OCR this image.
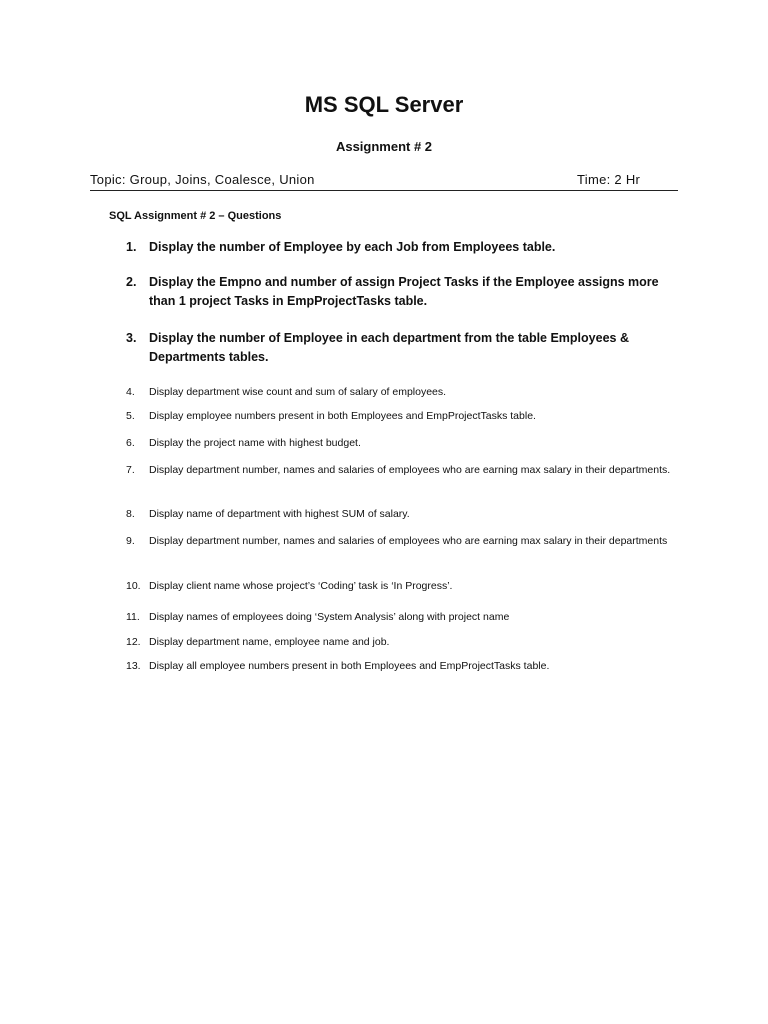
MS SQL Server
Assignment # 2
Topic: Group, Joins, Coalesce, Union	Time: 2 Hr
SQL Assignment # 2 – Questions
1.	Display the number of Employee by each Job from Employees table.
2.	Display the Empno and number of assign Project Tasks if the Employee assigns more than 1 project Tasks in EmpProjectTasks table.
3.	Display the number of Employee in each department from the table Employees & Departments tables.
4.	Display department wise count and sum of salary of employees.
5.	Display employee numbers present in both Employees and EmpProjectTasks table.
6.	Display the project name with highest budget.
7.	Display department number, names and salaries of employees who are earning max salary in their departments.
8.	Display name of department with highest SUM of salary.
9.	Display department number, names and salaries of employees who are earning max salary in their departments
10. Display client name whose project’s ‘Coding’ task is ‘In Progress’.
11. Display names of employees doing ‘System Analysis’ along with project name
12. Display department name, employee name and job.
13. Display all employee numbers present in both Employees and EmpProjectTasks table.
